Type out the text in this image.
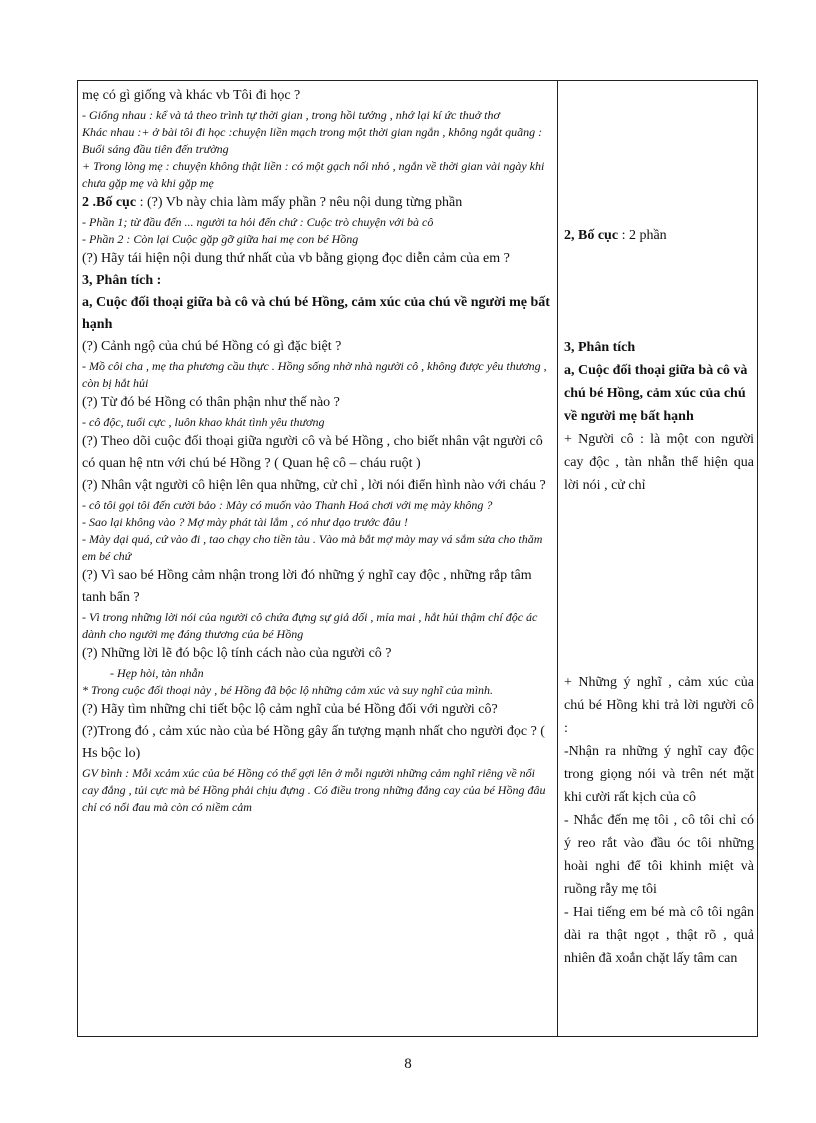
mẹ có gì giống và khác vb Tôi đi học ?

- Giống nhau : kể và tả theo trình tự thời gian , trong hồi tưởng , nhớ lại kí ức thuở thơ

Khác nhau :+ ở bài tôi đi học :chuyện liền mạch trong một thời gian ngắn , không ngắt quãng : Buổi sáng đầu tiên đến trường

+ Trong lòng mẹ : chuyện không thật liền : có một gạch nối nhỏ , ngắn về thời gian vài ngày khi chưa gặp mẹ và khi gặp mẹ

2 .Bố cục : (?) Vb này chia làm mấy phần ? nêu nội dung từng phần

- Phần 1; từ đầu đến ... người ta hỏi đến chứ : Cuộc trò chuyện với bà cô

- Phần 2 : Còn lại Cuộc gặp gỡ giữa hai mẹ con bé Hồng

(?) Hãy tái hiện nội dung thứ nhất của vb bằng giọng đọc diễn cảm của em ?

3, Phân tích :

a, Cuộc đối thoại giữa bà cô và chú bé Hồng, cảm xúc của chú về người mẹ bất hạnh

(?) Cảnh ngộ của chú bé Hồng có gì đặc biệt ?

- Mồ côi cha , mẹ tha phương cầu thực . Hồng sống nhờ nhà người cô , không được yêu thương , còn bị hắt hủi

(?) Từ đó bé Hồng có thân phận như thế nào ?

- cô độc, tuổi cực , luôn khao khát tình yêu thương

(?) Theo dõi cuộc đối thoại giữa người cô và bé Hồng , cho biết nhân vật người cô có quan hệ ntn với chú bé Hồng ? ( Quan hệ cô – cháu ruột )

(?) Nhân vật người cô hiện lên qua những, cử chỉ , lời nói điển hình nào với cháu ?

- cô tôi gọi tôi đến cười bảo : Mày có muốn vào Thanh Hoá chơi với mẹ mày không ?

- Sao lại không vào ? Mợ mày phát tài lắm , có như dạo trước đâu !

- Mày dại quá, cứ vào đi , tao chạy cho tiền tàu . Vào mà bắt mợ mày may vá sắm sửa cho thăm em bé chứ

(?) Vì sao bé Hồng cảm nhận trong lời đó những ý nghĩ cay độc , những rắp tâm tanh bẩn ?

- Vì trong những lời nói của người cô chứa đựng sự giả dối , mỉa mai , hắt hủi thậm chí độc ác dành cho người mẹ đáng thương của bé Hồng

(?) Những lời lẽ đó bộc lộ tính cách nào của người cô ?

- Hẹp hòi, tàn nhẫn

* Trong cuộc đối thoại này , bé Hồng đã bộc lộ những cảm xúc và suy nghĩ của mình.

(?) Hãy tìm những chi tiết bộc lộ cảm nghĩ của bé Hồng đối với người cô?

(?)Trong đó , cảm xúc nào của bé Hồng gây ấn tượng mạnh nhất cho người đọc ? ( Hs bộc lo)

GV bình : Mỗi xcảm xúc của bé Hồng có thể gợi lên ở mỗi người những cảm nghĩ riêng về nổi cay đắng , tủi cực mà bé Hồng phải chịu đựng . Có điều trong những đắng cay của bé Hồng đâu chỉ có nổi đau mà còn có niềm cảm

2, Bố cục : 2 phần

3, Phân tích

a, Cuộc đối thoại giữa bà cô và chú bé Hồng, cảm xúc của chú về người mẹ bất hạnh

+ Người cô : là một con người cay độc , tàn nhẫn thể hiện qua lời nói , cử chỉ

+ Những ý nghĩ , cảm xúc của chú bé Hồng khi trả lời người cô :

-Nhận ra những ý nghĩ cay độc trong giọng nói và trên nét mặt khi cười rất kịch của cô

- Nhắc đến mẹ tôi , cô tôi chỉ có ý reo rắt vào đầu óc tôi những hoài nghi để tôi khinh miệt và ruồng rẫy mẹ tôi

- Hai tiếng em bé mà cô tôi ngân dài ra thật ngọt , thật rõ , quả nhiên đã xoắn chặt lấy tâm can

8
